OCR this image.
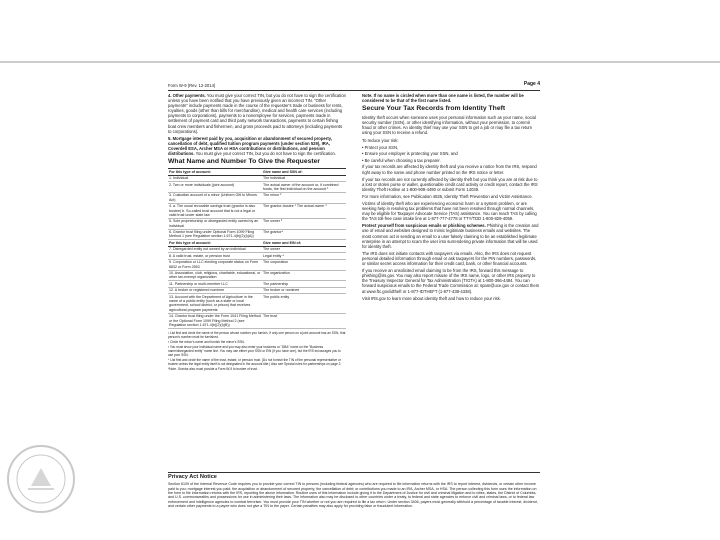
Form W-9 (Rev. 12-2014)	Page 4

4. Other payments. You must give your correct TIN, but you do not have to sign the certification unless you have been notified that you have previously given an incorrect TIN. "Other payments" include payments made in the course of the requester's trade or business for rents, royalties, goods (other than bills for merchandise), medical and health care services (including payments to corporations), payments to a nonemployee for services, payments made in settlement of payment card and third party network transactions, payments to certain fishing boat crew members and fishermen, and gross proceeds paid to attorneys (including payments to corporations).

5. Mortgage interest paid by you, acquisition or abandonment of secured property, cancellation of debt, qualified tuition program payments (under section 529), IRA, Coverdell ESA, Archer MSA or HSA contributions or distributions, and pension distributions. You must give your correct TIN, but you do not have to sign the certification.

What Name and Number To Give the Requester
For this type of account:	Give name and SSN of:
1. Individual	The individual
2. Two or more individuals (joint account)	The actual owner of the account or, if combined funds, the first individual on the account ¹
3. Custodian account of a minor (Uniform Gift to Minors Act)	The minor ²
4. a. The usual revocable savings trust (grantor is also trustee) b. So-called trust account that is not a legal or valid trust under state law	The grantor-trustee ¹ The actual owner ¹
5. Sole proprietorship or disregarded entity owned by an individual	The owner ³
6. Grantor trust filing under Optional Form 1099 Filing Method 1 (see Regulation section 1.671-4(b)(2)(i)(A))	The grantor*
For this type of account:	Give name and EIN of:
7. Disregarded entity not owned by an individual	The owner
8. A valid trust, estate, or pension trust	Legal entity ⁴
9. Corporation or LLC electing corporate status on Form 8832 or Form 2553	The corporation
10. Association, club, religious, charitable, educational, or other tax-exempt organization	The organization
11. Partnership or multi-member LLC	The partnership
12. A broker or registered nominee	The broker or nominee
13. Account with the Department of Agriculture in the name of a public entity (such as a state or local government, school district, or prison) that receives agricultural program payments	The public entity
14. Grantor trust filing under the Form 1041 Filing Method or the Optional Form 1099 Filing Method 2 (see Regulation section 1.671-4(b)(2)(i)(B))	The trust

¹ List first and circle the name of the person whose number you furnish. If only one person on a joint account has an SSN, that person's number must be furnished.

² Circle the minor's name and furnish the minor's SSN.

³ You must show your individual name and you may also enter your business or "DBA" name on the "Business name/disregarded entity" name line. You may use either your SSN or EIN (if you have one), but the IRS encourages you to use your SSN.

⁴ List first and circle the name of the trust, estate, or pension trust. (Do not furnish the TIN of the personal representative or trustee unless the legal entity itself is not designated in the account title.) Also see Special rules for partnerships on page 2.

*Note. Grantor also must provide a Form W-9 to trustee of trust.

Note. If no name is circled when more than one name is listed, the number will be considered to be that of the first name listed.

Secure Your Tax Records from Identity Theft

Identity theft occurs when someone uses your personal information such as your name, social security number (SSN), or other identifying information, without your permission, to commit fraud or other crimes. An identity thief may use your SSN to get a job or may file a tax return using your SSN to receive a refund.

To reduce your risk:

• Protect your SSN,

• Ensure your employer is protecting your SSN, and

• Be careful when choosing a tax preparer.

If your tax records are affected by identity theft and you receive a notice from the IRS, respond right away to the name and phone number printed on the IRS notice or letter.

If your tax records are not currently affected by identity theft but you think you are at risk due to a lost or stolen purse or wallet, questionable credit card activity or credit report, contact the IRS Identity Theft Hotline at 1-800-908-4490 or submit Form 14039.

For more information, see Publication 4535, Identity Theft Prevention and Victim Assistance.

Victims of identity theft who are experiencing economic harm or a system problem, or are seeking help in resolving tax problems that have not been resolved through normal channels, may be eligible for Taxpayer Advocate Service (TAS) assistance. You can reach TAS by calling the TAS toll-free case intake line at 1-877-777-4778 or TTY/TDD 1-800-829-4059.

Protect yourself from suspicious emails or phishing schemes. Phishing is the creation and use of email and websites designed to mimic legitimate business emails and websites. The most common act is sending an email to a user falsely claiming to be an established legitimate enterprise in an attempt to scam the user into surrendering private information that will be used for identity theft.

The IRS does not initiate contacts with taxpayers via emails. Also, the IRS does not request personal detailed information through email or ask taxpayers for the PIN numbers, passwords, or similar secret access information for their credit card, bank, or other financial accounts.

If you receive an unsolicited email claiming to be from the IRS, forward this message to phishing@irs.gov. You may also report misuse of the IRS name, logo, or other IRS property to the Treasury Inspector General for Tax Administration (TIGTA) at 1-800-366-4484. You can forward suspicious emails to the Federal Trade Commission at: spam@uce.gov or contact them at www.ftc.gov/idtheft or 1-877-IDTHEFT (1-877-438-4338).

Visit IRS.gov to learn more about identity theft and how to reduce your risk.

Privacy Act Notice

Section 6109 of the Internal Revenue Code requires you to provide your correct TIN to persons (including federal agencies) who are required to file information returns with the IRS to report interest, dividends, or certain other income paid to you; mortgage interest you paid; the acquisition or abandonment of secured property; the cancellation of debt; or contributions you made to an IRA, Archer MSA, or HSA. The person collecting this form uses the information on the form to file information returns with the IRS, reporting the above information. Routine uses of this information include giving it to the Department of Justice for civil and criminal litigation and to cities, states, the District of Columbia, and U.S. commonwealths and possessions for use in administering their laws. The information also may be disclosed to other countries under a treaty, to federal and state agencies to enforce civil and criminal laws, or to federal law enforcement and intelligence agencies to combat terrorism. You must provide your TIN whether or not you are required to file a tax return. Under section 3406, payers must generally withhold a percentage of taxable interest, dividend, and certain other payments to a payee who does not give a TIN to the payer. Certain penalties may also apply for providing false or fraudulent information.
